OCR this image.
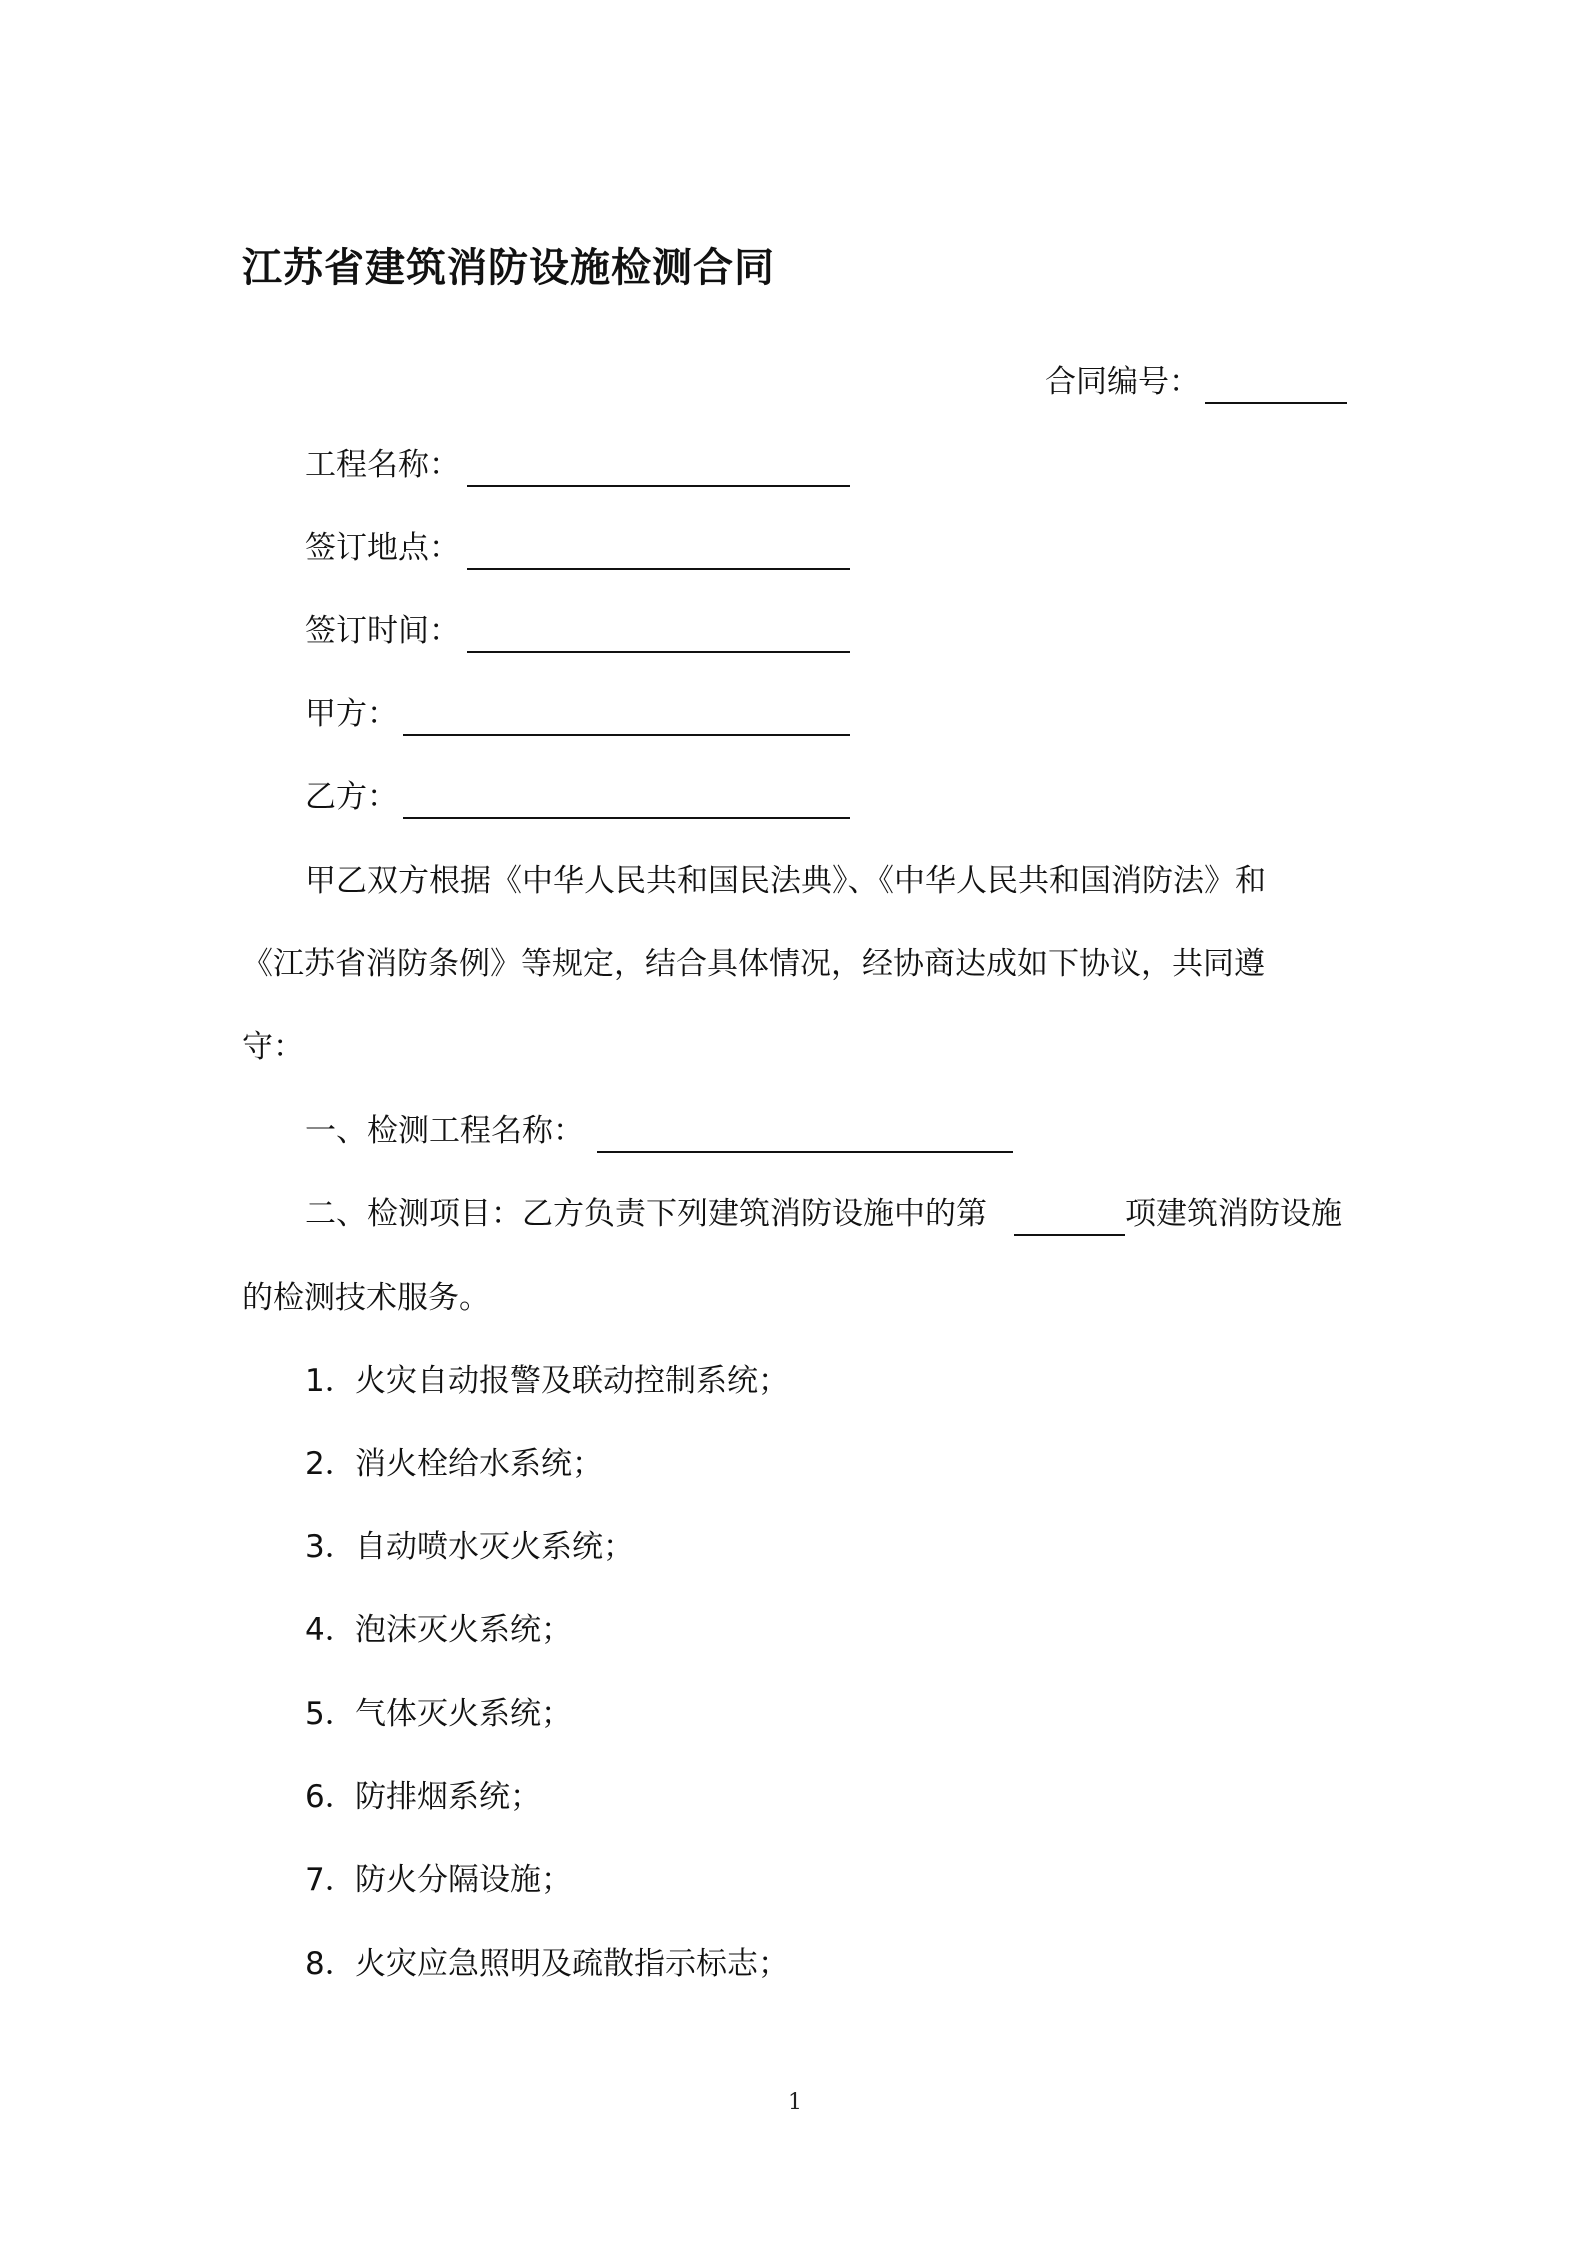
江苏省建筑消防设施检测合同
合同编号：
工程名称：
签订地点：
签订时间：
甲方：
乙方：
甲乙双方根据《中华人民共和国民法典》、《中华人民共和国消防法》和
《江苏省消防条例》等规定，结合具体情况，经协商达成如下协议，共同遵
守：
一、检测工程名称：
二、检测项目：乙方负责下列建筑消防设施中的第	项建筑消防设施
的检测技术服务。
1．火灾自动报警及联动控制系统；
2．消火栓给水系统；
3．自动喷水灭火系统；
4．泡沫灭火系统；
5．气体灭火系统；
6．防排烟系统；
7．防火分隔设施；
8．火灾应急照明及疏散指示标志；
1
